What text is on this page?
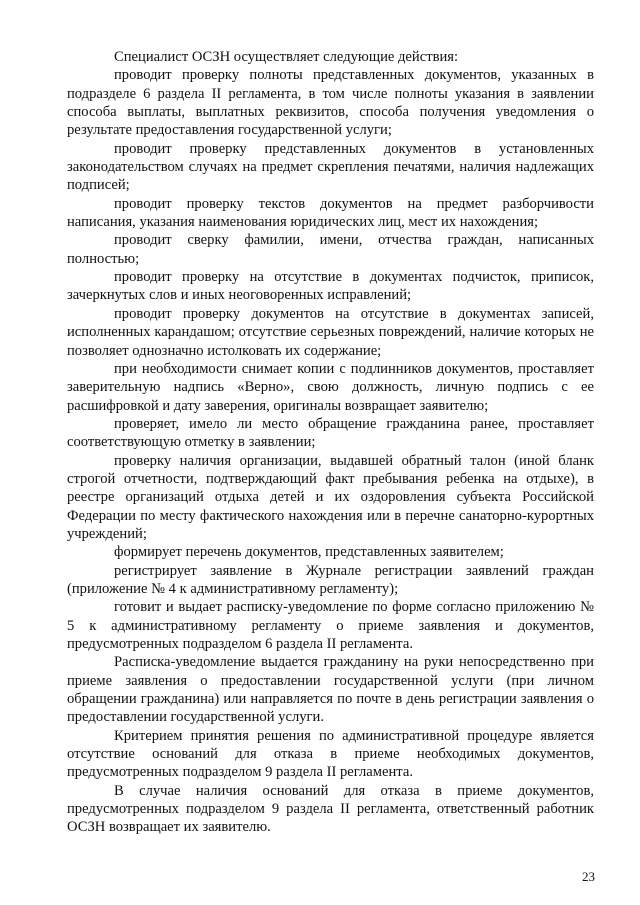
Специалист ОСЗН осуществляет следующие действия:

проводит проверку полноты представленных документов, указанных в подразделе 6 раздела II регламента, в том числе полноты указания в заявлении способа выплаты, выплатных реквизитов, способа получения уведомления о результате предоставления государственной услуги;

проводит проверку представленных документов в установленных законодательством случаях на предмет скрепления печатями, наличия надлежащих подписей;

проводит проверку текстов документов на предмет разборчивости написания, указания наименования юридических лиц, мест их нахождения;

проводит сверку фамилии, имени, отчества граждан, написанных полностью;

проводит проверку на отсутствие в документах подчисток, приписок, зачеркнутых слов и иных неоговоренных исправлений;

проводит проверку документов на отсутствие в документах записей, исполненных карандашом; отсутствие серьезных повреждений, наличие которых не позволяет однозначно истолковать их содержание;

при необходимости снимает копии с подлинников документов, проставляет заверительную надпись «Верно», свою должность, личную подпись с ее расшифровкой и дату заверения, оригиналы возвращает заявителю;

проверяет, имело ли место обращение гражданина ранее, проставляет соответствующую отметку в заявлении;

проверку наличия организации, выдавшей обратный талон (иной бланк строгой отчетности, подтверждающий факт пребывания ребенка на отдыхе), в реестре организаций отдыха детей и их оздоровления субъекта Российской Федерации по месту фактического нахождения или в перечне санаторно-курортных учреждений;

формирует перечень документов, представленных заявителем;

регистрирует заявление в Журнале регистрации заявлений граждан (приложение № 4 к административному регламенту);

готовит и выдает расписку-уведомление по форме согласно приложению № 5 к административному регламенту о приеме заявления и документов, предусмотренных подразделом 6 раздела II регламента.

Расписка-уведомление выдается гражданину на руки непосредственно при приеме заявления о предоставлении государственной услуги (при личном обращении гражданина) или направляется по почте в день регистрации заявления о предоставлении государственной услуги.

Критерием принятия решения по административной процедуре является отсутствие оснований для отказа в приеме необходимых документов, предусмотренных подразделом 9 раздела II регламента.

В случае наличия оснований для отказа в приеме документов, предусмотренных подразделом 9 раздела II регламента, ответственный работник ОСЗН возвращает их заявителю.

23
